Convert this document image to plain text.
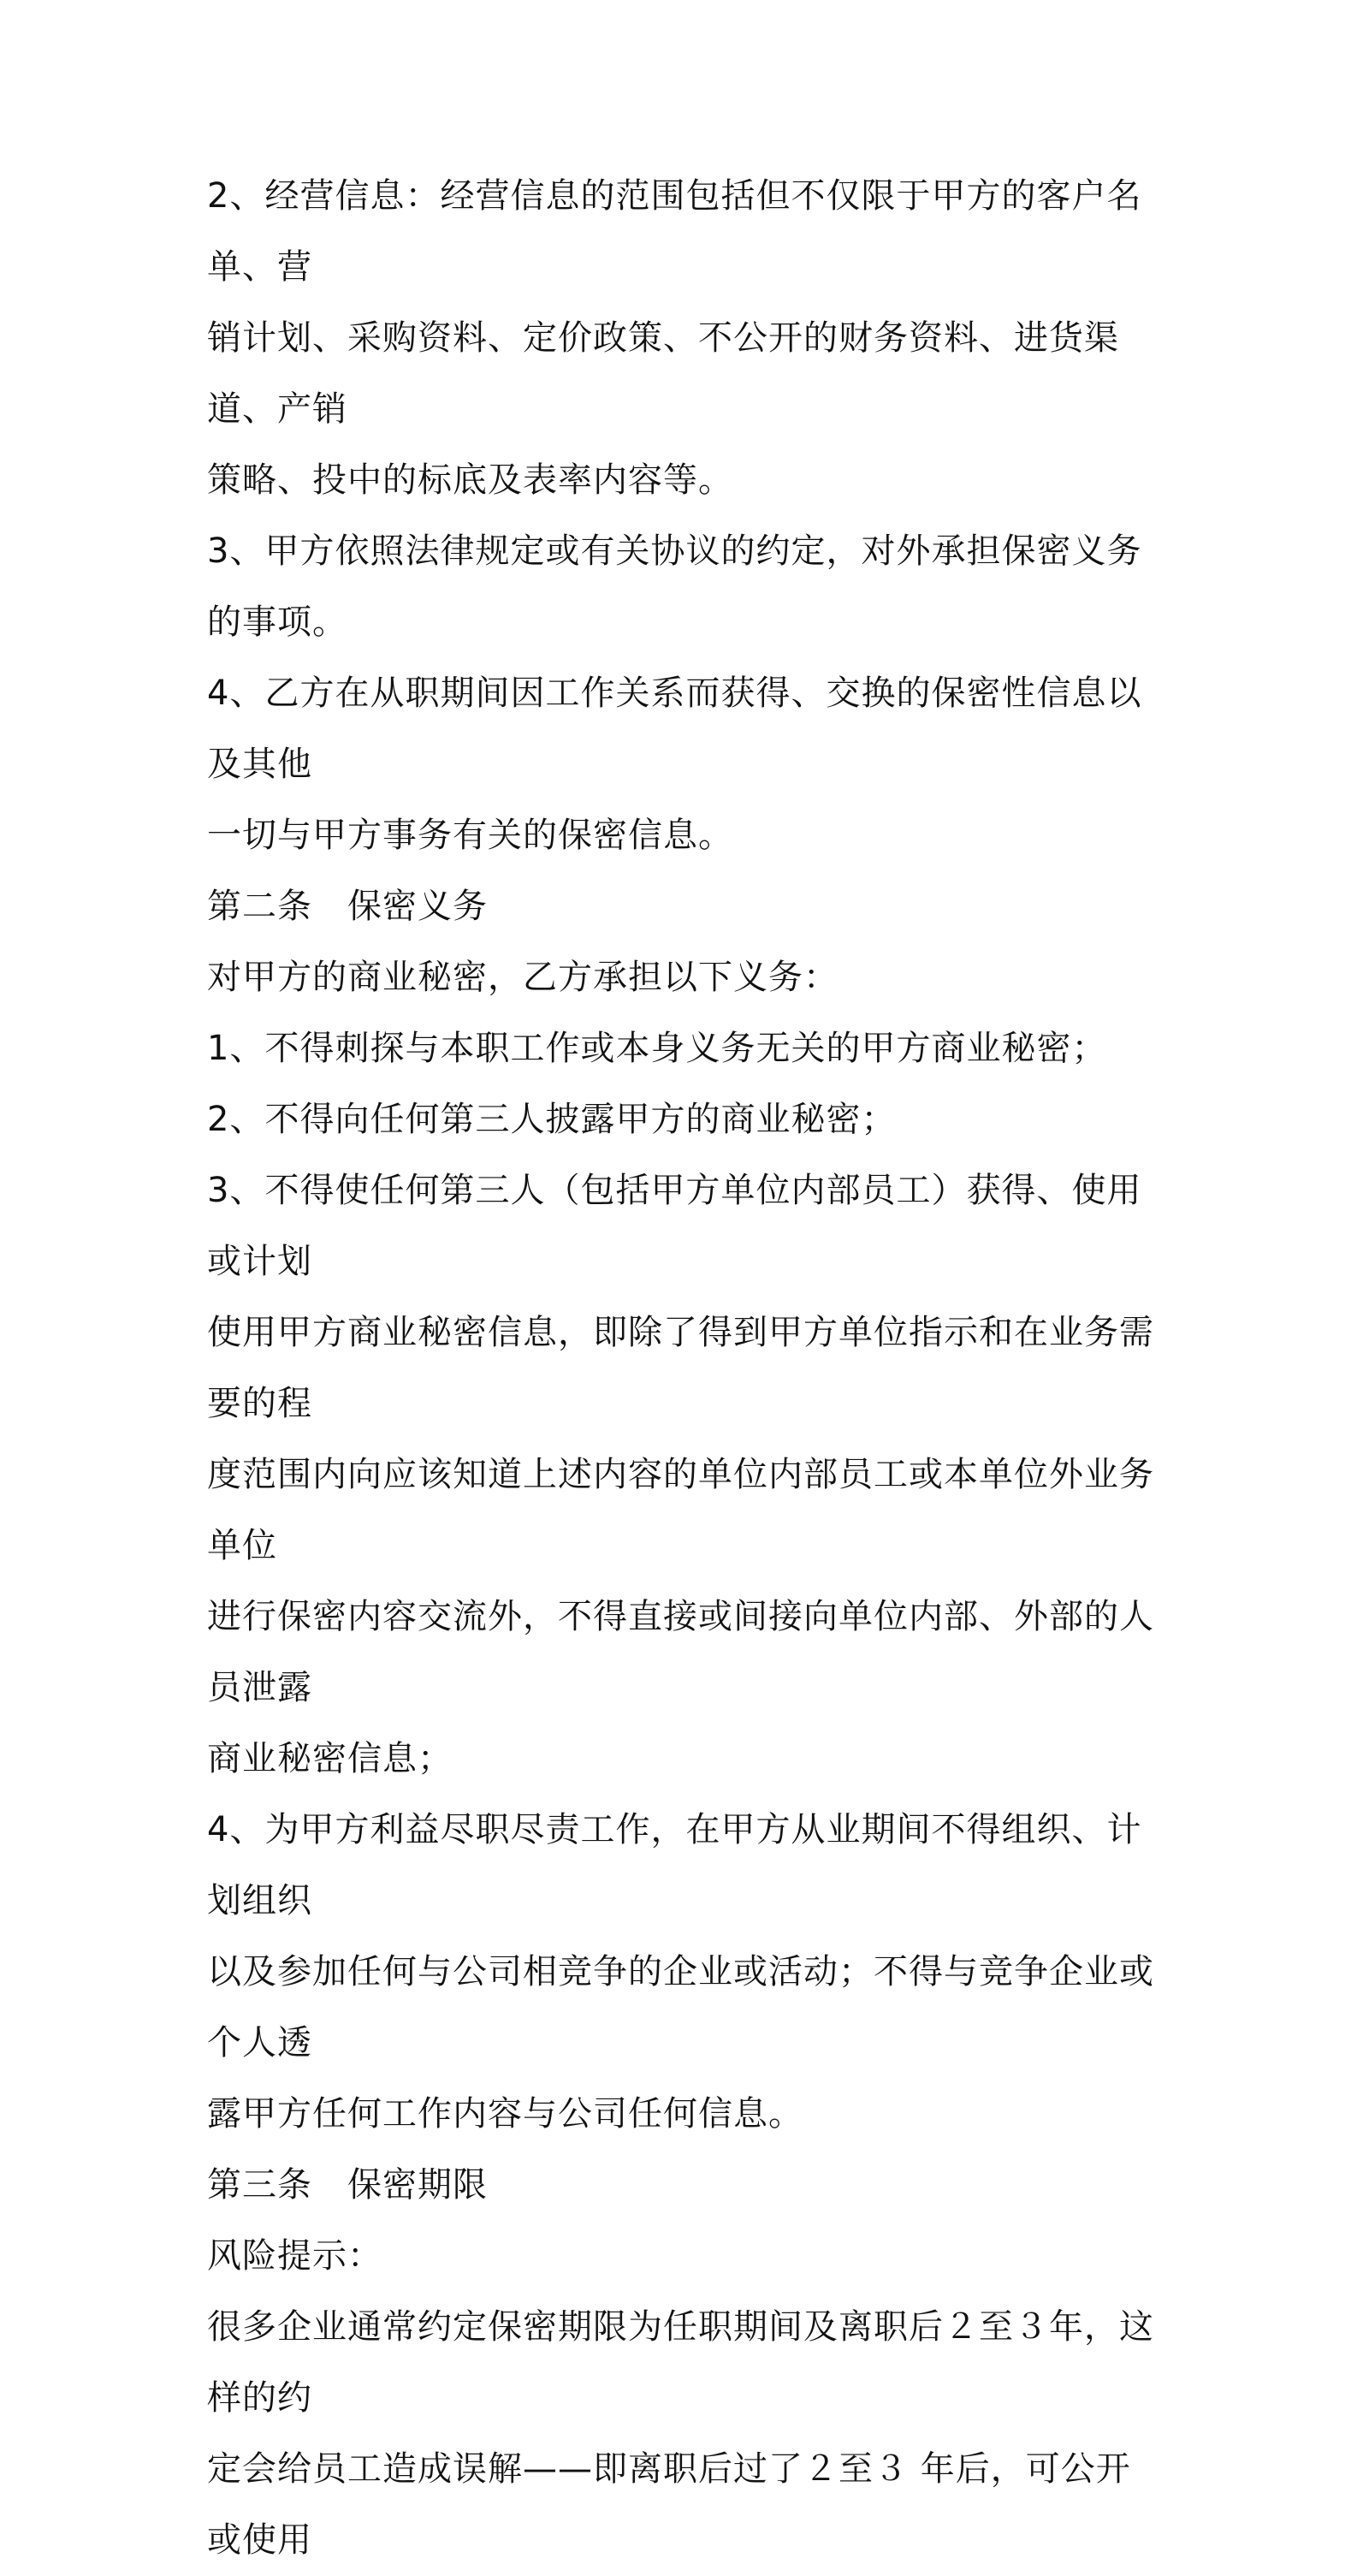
2、经营信息：经营信息的范围包括但不仅限于甲方的客户名单、营

销计划、采购资料、定价政策、不公开的财务资料、进货渠道、产销

策略、投中的标底及表率内容等。

3、甲方依照法律规定或有关协议的约定，对外承担保密义务的事项。

4、乙方在从职期间因工作关系而获得、交换的保密性信息以及其他

一切与甲方事务有关的保密信息。

第二条　保密义务

对甲方的商业秘密，乙方承担以下义务：

1、不得刺探与本职工作或本身义务无关的甲方商业秘密；

2、不得向任何第三人披露甲方的商业秘密；

3、不得使任何第三人（包括甲方单位内部员工）获得、使用或计划

使用甲方商业秘密信息，即除了得到甲方单位指示和在业务需要的程

度范围内向应该知道上述内容的单位内部员工或本单位外业务单位

进行保密内容交流外，不得直接或间接向单位内部、外部的人员泄露

商业秘密信息；

4、为甲方利益尽职尽责工作，在甲方从业期间不得组织、计划组织

以及参加任何与公司相竞争的企业或活动；不得与竞争企业或个人透

露甲方任何工作内容与公司任何信息。

第三条　保密期限

风险提示：

很多企业通常约定保密期限为任职期间及离职后２至３年，这样的约

定会给员工造成误解——即离职后过了２至３ 年后，可公开或使用
